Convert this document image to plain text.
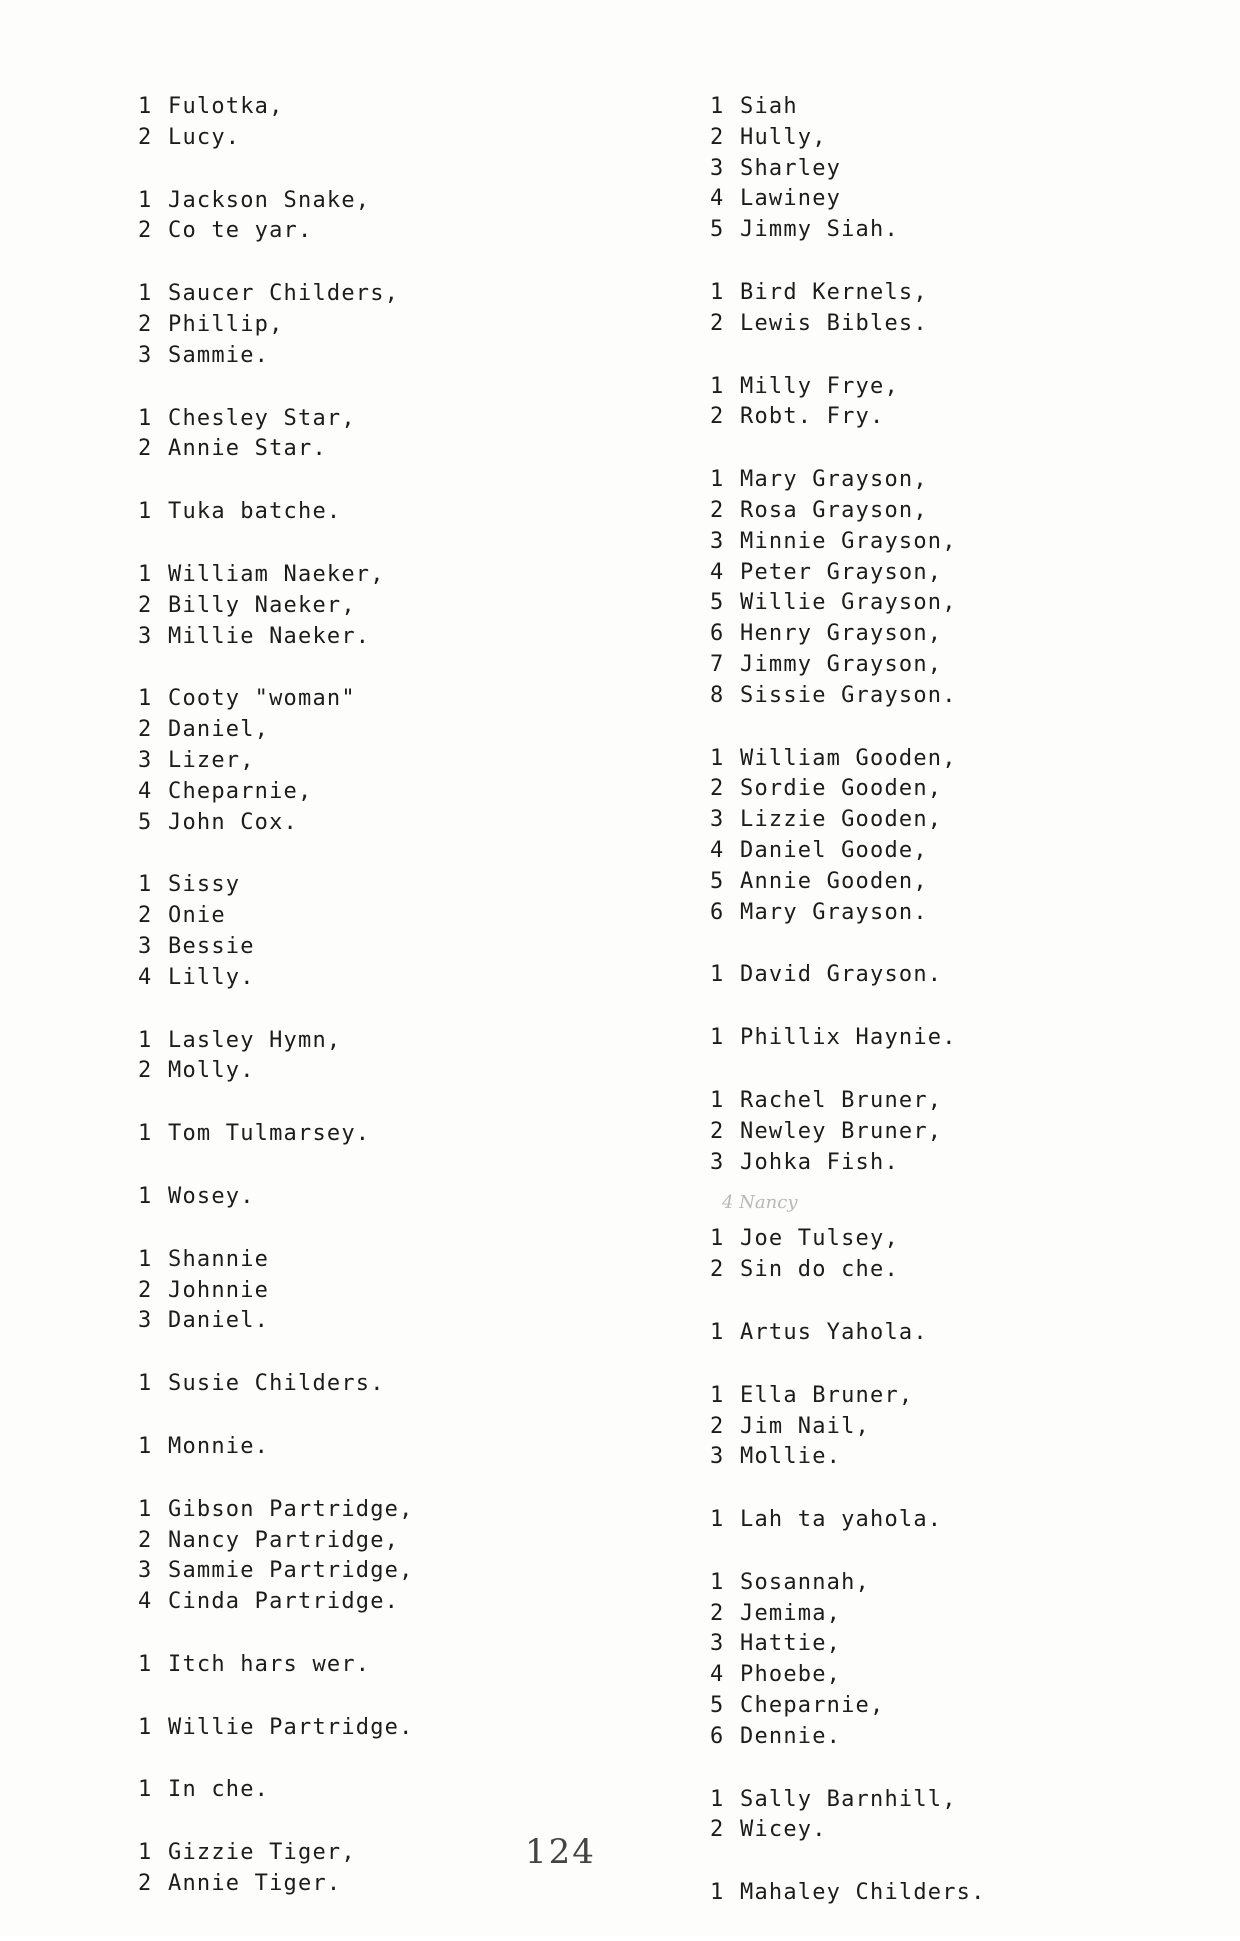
1 Fulotka,
2 Lucy.
1 Jackson Snake,
2 Co te yar.
1 Saucer Childers,
2 Phillip,
3 Sammie.
1 Chesley Star,
2 Annie Star.
1 Tuka batche.
1 William Naeker,
2 Billy Naeker,
3 Millie Naeker.
1 Cooty "woman"
2 Daniel,
3 Lizer,
4 Cheparnie,
5 John Cox.
1 Sissy
2 Onie
3 Bessie
4 Lilly.
1 Lasley Hymn,
2 Molly.
1 Tom Tulmarsey.
1 Wosey.
1 Shannie
2 Johnnie
3 Daniel.
1 Susie Childers.
1 Monnie.
1 Gibson Partridge,
2 Nancy Partridge,
3 Sammie Partridge,
4 Cinda Partridge.
1 Itch hars wer.
1 Willie Partridge.
1 In che.
1 Gizzie Tiger,
2 Annie Tiger.
1 Siah
2 Hully,
3 Sharley
4 Lawiney
5 Jimmy Siah.
1 Bird Kernels,
2 Lewis Bibles.
1 Milly Frye,
2 Robt. Fry.
1 Mary Grayson,
2 Rosa Grayson,
3 Minnie Grayson,
4 Peter Grayson,
5 Willie Grayson,
6 Henry Grayson,
7 Jimmy Grayson,
8 Sissie Grayson.
1 William Gooden,
2 Sordie Gooden,
3 Lizzie Gooden,
4 Daniel Goode,
5 Annie Gooden,
6 Mary Grayson.
1 David Grayson.
1 Phillix Haynie.
1 Rachel Bruner,
2 Newley Bruner,
3 Johka Fish.
4 Nancy
1 Joe Tulsey,
2 Sin do che.
1 Artus Yahola.
1 Ella Bruner,
2 Jim Nail,
3 Mollie.
1 Lah ta yahola.
1 Sosannah,
2 Jemima,
3 Hattie,
4 Phoebe,
5 Cheparnie,
6 Dennie.
1 Sally Barnhill,
2 Wicey.
1 Mahaley Childers.
124
